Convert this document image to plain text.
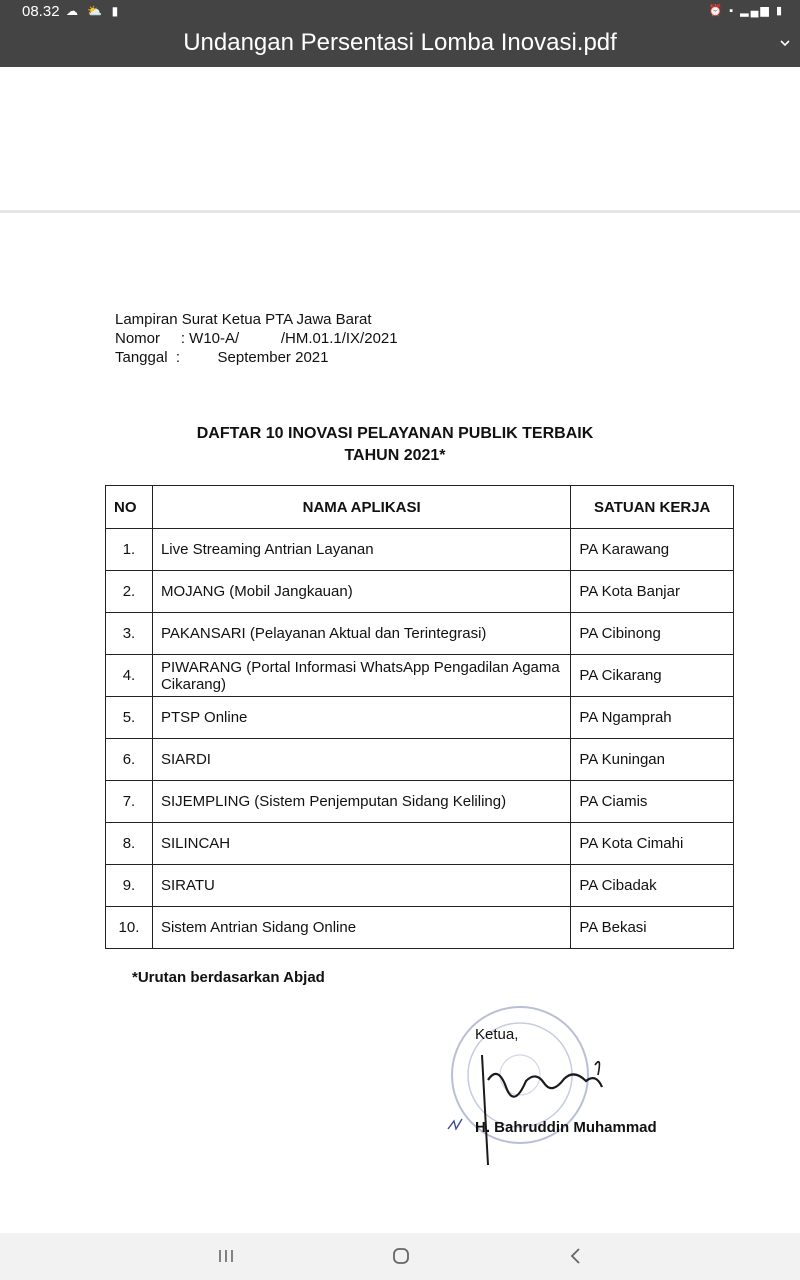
08.32 ☁ ⛅ ▮	⏰ ▪ ▂▄▆ ▮
Undangan Persentasi Lomba Inovasi.pdf
Lampiran Surat Ketua PTA Jawa Barat
Nomor     : W10-A/          /HM.01.1/IX/2021
Tanggal  :         September 2021
DAFTAR 10 INOVASI PELAYANAN PUBLIK TERBAIK
TAHUN 2021*
NO	NAMA APLIKASI	SATUAN KERJA
1.	Live Streaming Antrian Layanan	PA Karawang
2.	MOJANG (Mobil Jangkauan)	PA Kota Banjar
3.	PAKANSARI (Pelayanan Aktual dan Terintegrasi)	PA Cibinong
4.	PIWARANG (Portal Informasi WhatsApp Pengadilan Agama Cikarang)	PA Cikarang
5.	PTSP Online	PA Ngamprah
6.	SIARDI	PA Kuningan
7.	SIJEMPLING (Sistem Penjemputan Sidang Keliling)	PA Ciamis
8.	SILINCAH	PA Kota Cimahi
9.	SIRATU	PA Cibadak
10.	Sistem Antrian Sidang Online	PA Bekasi
*Urutan berdasarkan Abjad
Ketua,
H. Bahruddin Muhammad
